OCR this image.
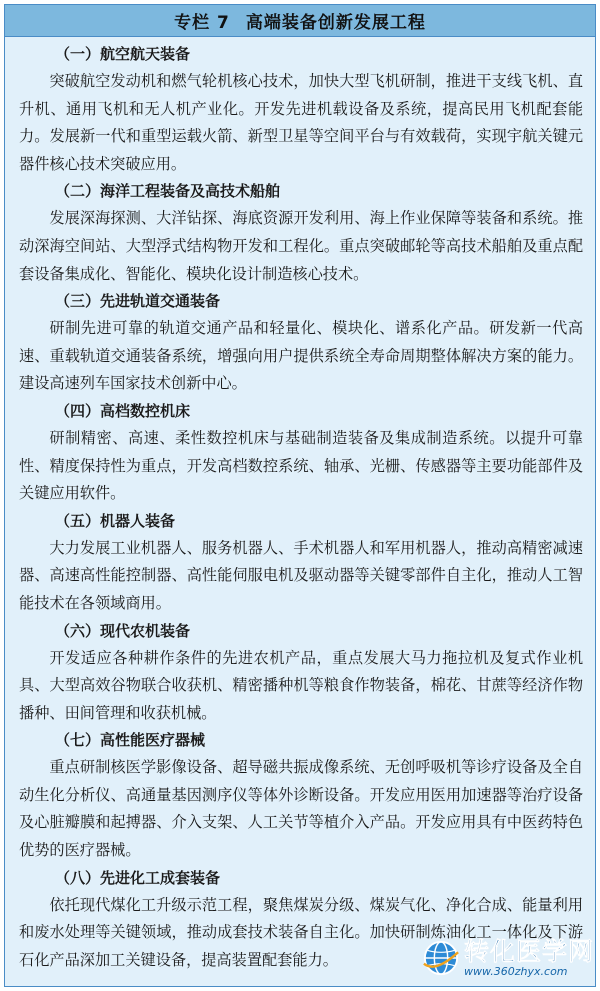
专栏 7 高端装备创新发展工程
（一）航空航天装备

突破航空发动机和燃气轮机核心技术，加快大型飞机研制，推进干支线飞机、直升机、通用飞机和无人机产业化。开发先进机载设备及系统，提高民用飞机配套能力。发展新一代和重型运载火箭、新型卫星等空间平台与有效载荷，实现宇航关键元器件核心技术突破应用。

（二）海洋工程装备及高技术船舶

发展深海探测、大洋钻探、海底资源开发利用、海上作业保障等装备和系统。推动深海空间站、大型浮式结构物开发和工程化。重点突破邮轮等高技术船舶及重点配套设备集成化、智能化、模块化设计制造核心技术。

（三）先进轨道交通装备

研制先进可靠的轨道交通产品和轻量化、模块化、谱系化产品。研发新一代高速、重载轨道交通装备系统，增强向用户提供系统全寿命周期整体解决方案的能力。建设高速列车国家技术创新中心。

（四）高档数控机床

研制精密、高速、柔性数控机床与基础制造装备及集成制造系统。以提升可靠性、精度保持性为重点，开发高档数控系统、轴承、光栅、传感器等主要功能部件及关键应用软件。

（五）机器人装备

大力发展工业机器人、服务机器人、手术机器人和军用机器人，推动高精密减速器、高速高性能控制器、高性能伺服电机及驱动器等关键零部件自主化，推动人工智能技术在各领域商用。

（六）现代农机装备

开发适应各种耕作条件的先进农机产品，重点发展大马力拖拉机及复式作业机具、大型高效谷物联合收获机、精密播种机等粮食作物装备，棉花、甘蔗等经济作物播种、田间管理和收获机械。

（七）高性能医疗器械

重点研制核医学影像设备、超导磁共振成像系统、无创呼吸机等诊疗设备及全自动生化分析仪、高通量基因测序仪等体外诊断设备。开发应用医用加速器等治疗设备及心脏瓣膜和起搏器、介入支架、人工关节等植介入产品。开发应用具有中医药特色优势的医疗器械。

（八）先进化工成套装备

依托现代煤化工升级示范工程，聚焦煤炭分级、煤炭气化、净化合成、能量利用和废水处理等关键领域，推动成套技术装备自主化。加快研制炼油化工一体化及下游石化产品深加工关键设备，提高装置配套能力。	转化医学网
www.360zhyx.com
